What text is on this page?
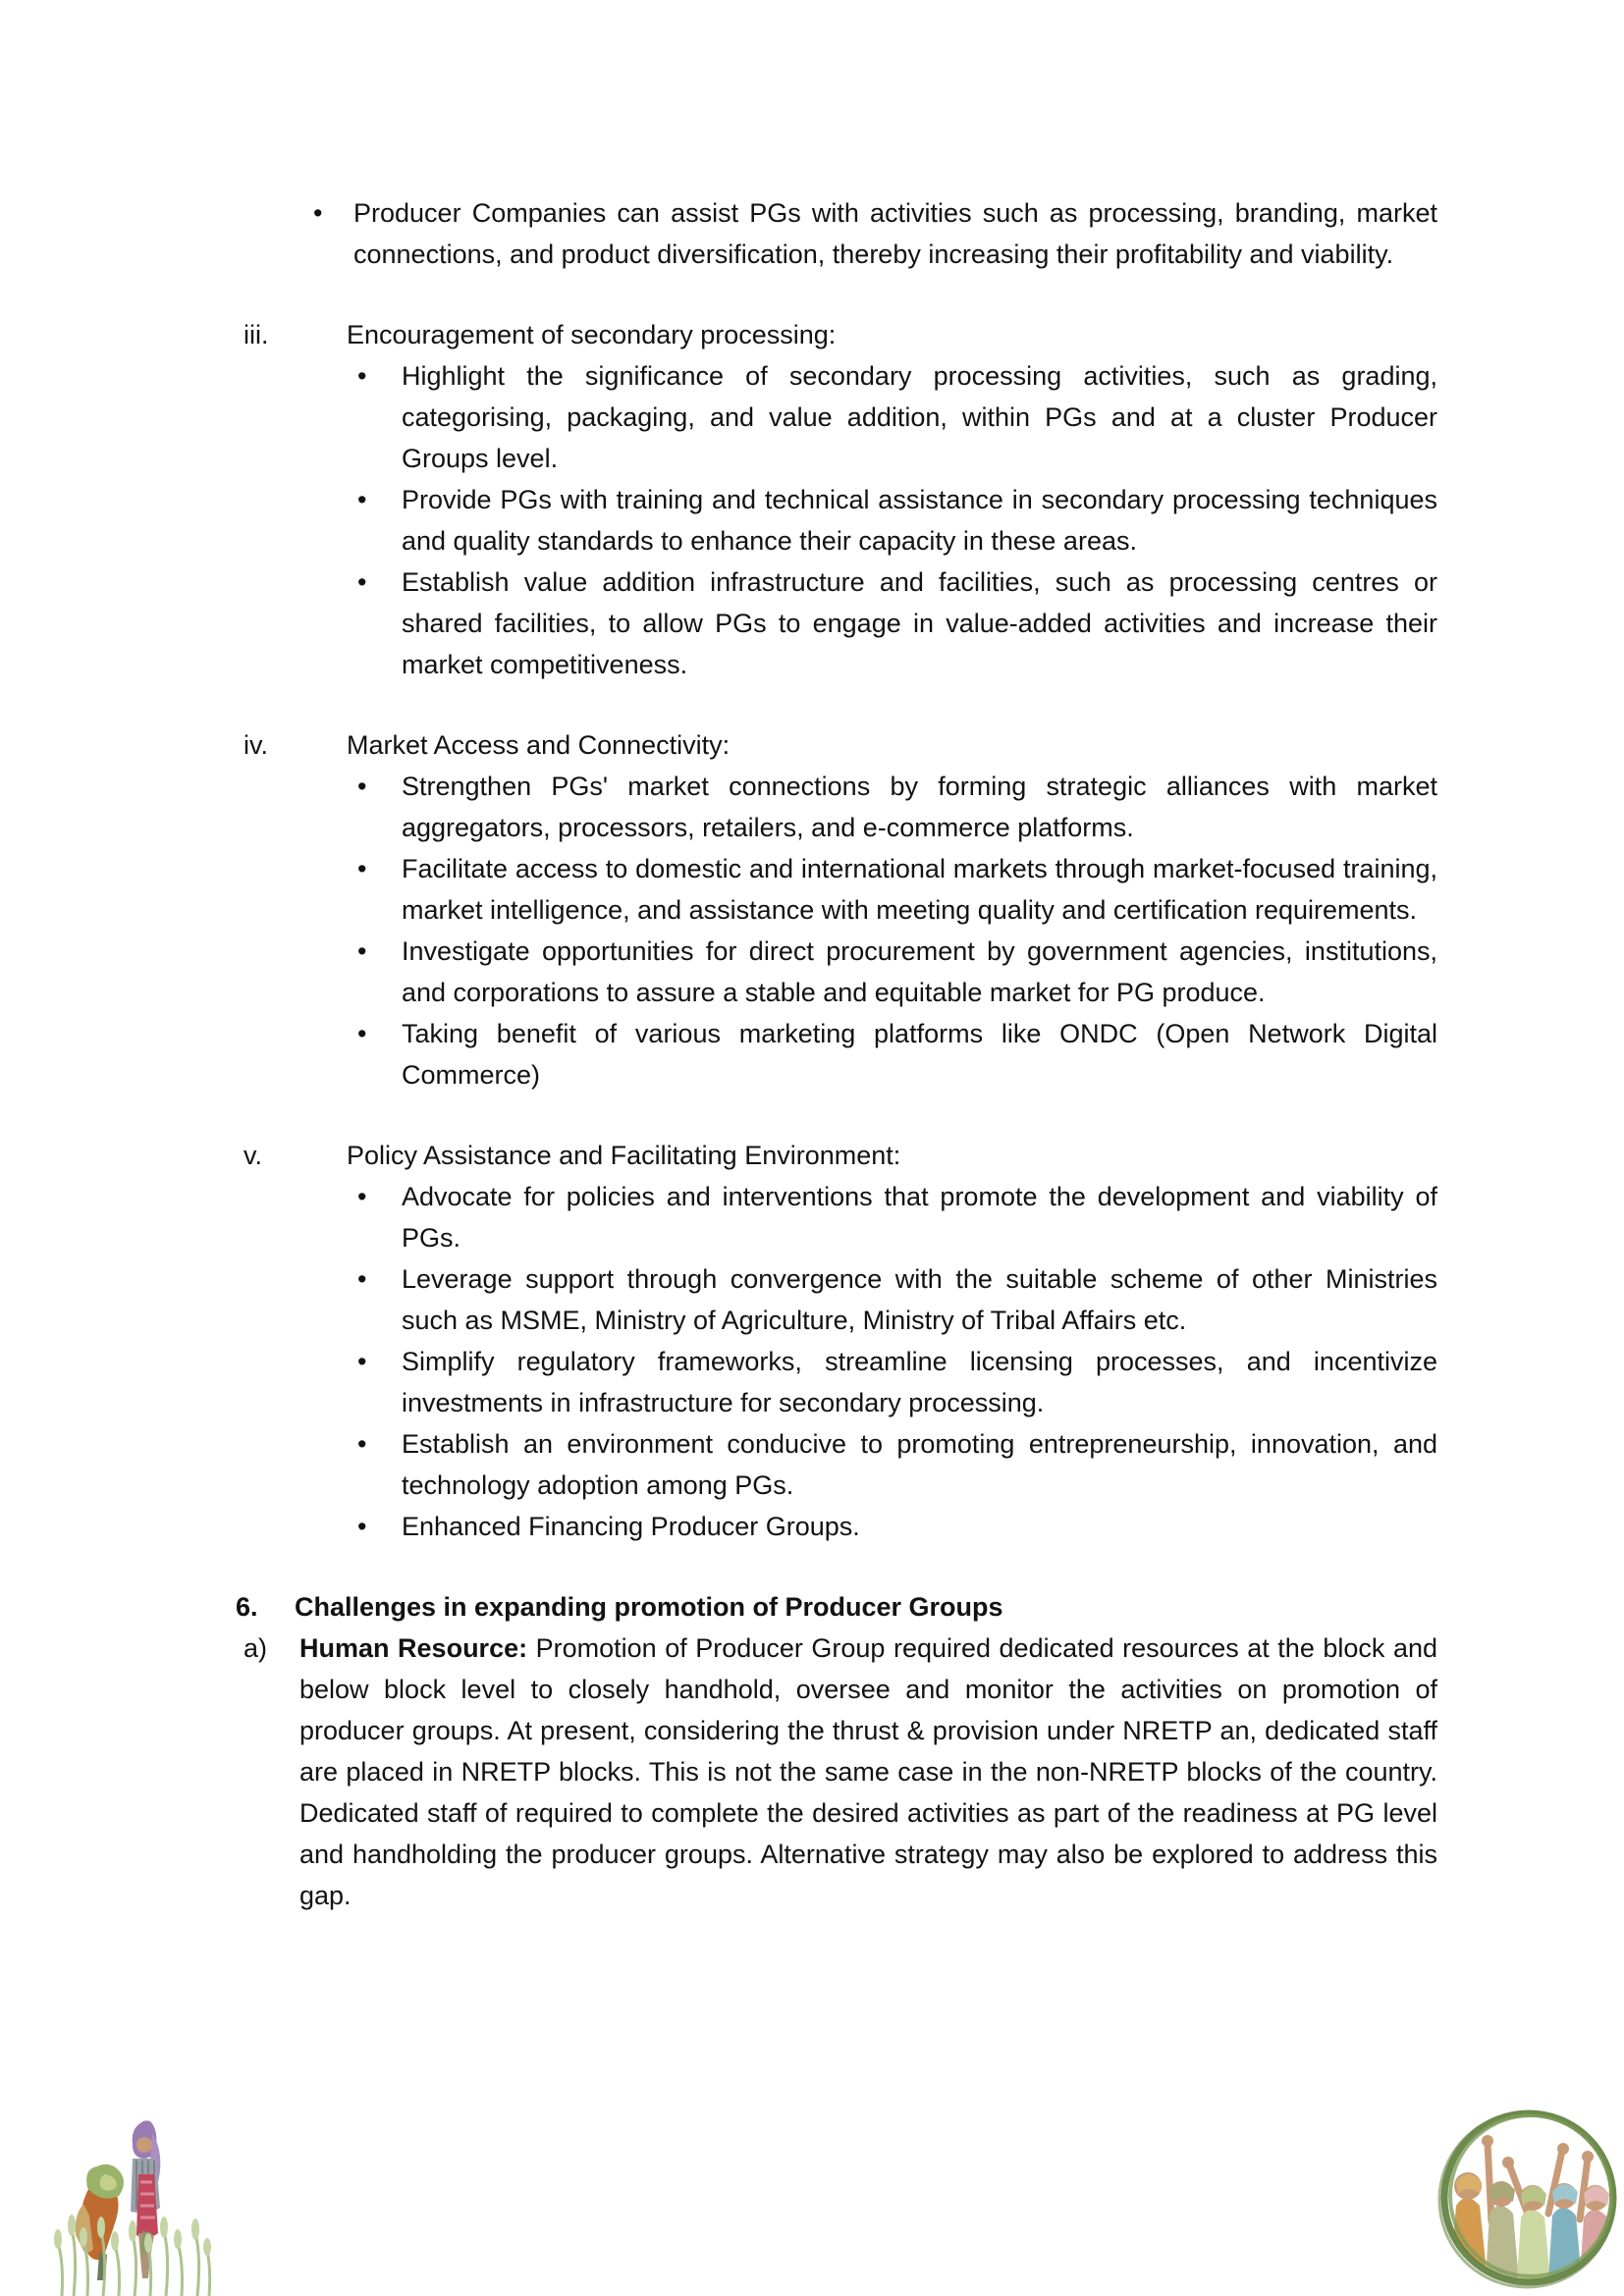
• Producer Companies can assist PGs with activities such as processing, branding, market connections, and product diversification, thereby increasing their profitability and viability.

iii.	Encouragement of secondary processing:

• Highlight the significance of secondary processing activities, such as grading, categorising, packaging, and value addition, within PGs and at a cluster Producer Groups level.

• Provide PGs with training and technical assistance in secondary processing techniques and quality standards to enhance their capacity in these areas.

• Establish value addition infrastructure and facilities, such as processing centres or shared facilities, to allow PGs to engage in value-added activities and increase their market competitiveness.

iv.	Market Access and Connectivity:

• Strengthen PGs' market connections by forming strategic alliances with market aggregators, processors, retailers, and e-commerce platforms.

• Facilitate access to domestic and international markets through market-focused training, market intelligence, and assistance with meeting quality and certification requirements.

• Investigate opportunities for direct procurement by government agencies, institutions, and corporations to assure a stable and equitable market for PG produce.

• Taking benefit of various marketing platforms like ONDC (Open Network Digital Commerce)

v.	Policy Assistance and Facilitating Environment:

• Advocate for policies and interventions that promote the development and viability of PGs.

• Leverage support through convergence with the suitable scheme of other Ministries such as MSME, Ministry of Agriculture, Ministry of Tribal Affairs etc.

• Simplify regulatory frameworks, streamline licensing processes, and incentivize investments in infrastructure for secondary processing.

• Establish an environment conducive to promoting entrepreneurship, innovation, and technology adoption among PGs.

• Enhanced Financing Producer Groups.

6. Challenges in expanding promotion of Producer Groups

a) Human Resource: Promotion of Producer Group required dedicated resources at the block and below block level to closely handhold, oversee and monitor the activities on promotion of producer groups. At present, considering the thrust & provision under NRETP an, dedicated staff are placed in NRETP blocks. This is not the same case in the non-NRETP blocks of the country. Dedicated staff of required to complete the desired activities as part of the readiness at PG level and handholding the producer groups. Alternative strategy may also be explored to address this gap.
